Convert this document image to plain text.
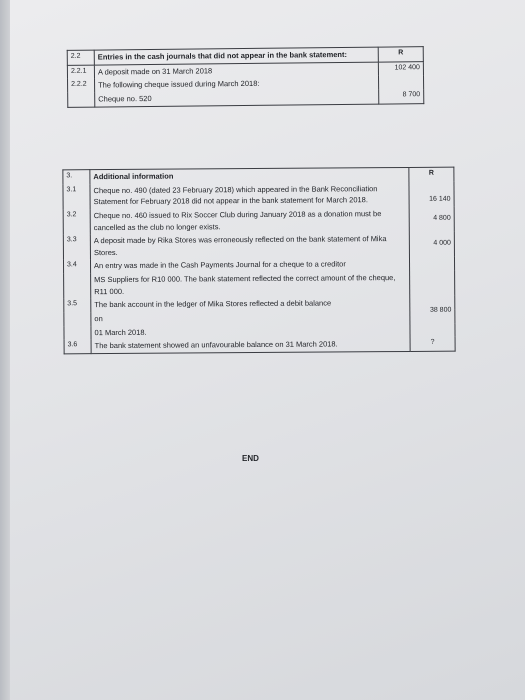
2.2	Entries in the cash journals that did not appear in the bank statement:	R
2.2.1	A deposit made on 31 March 2018	102 400
2.2.2	The following cheque issued during March 2018:	
	Cheque no. 520	8 700
3.	Additional information	R
3.1	Cheque no. 490 (dated 23 February 2018) which appeared in the Bank Reconciliation Statement for February 2018 did not appear in the bank statement for March 2018.	16 140
3.2	Cheque no. 460 issued to Rix Soccer Club during January 2018 as a donation must be cancelled as the club no longer exists.	4 800
3.3	A deposit made by Rika Stores was erroneously reflected on the bank statement of Mika Stores.	4 000
3.4	An entry was made in the Cash Payments Journal for a cheque to a creditor	
	MS Suppliers for R10 000. The bank statement reflected the correct amount of the cheque, R11 000.	
3.5	The bank account in the ledger of Mika Stores reflected a debit balance	38 800
	on	
	01 March 2018.	
3.6	The bank statement showed an unfavourable balance on 31 March 2018.	?
END
